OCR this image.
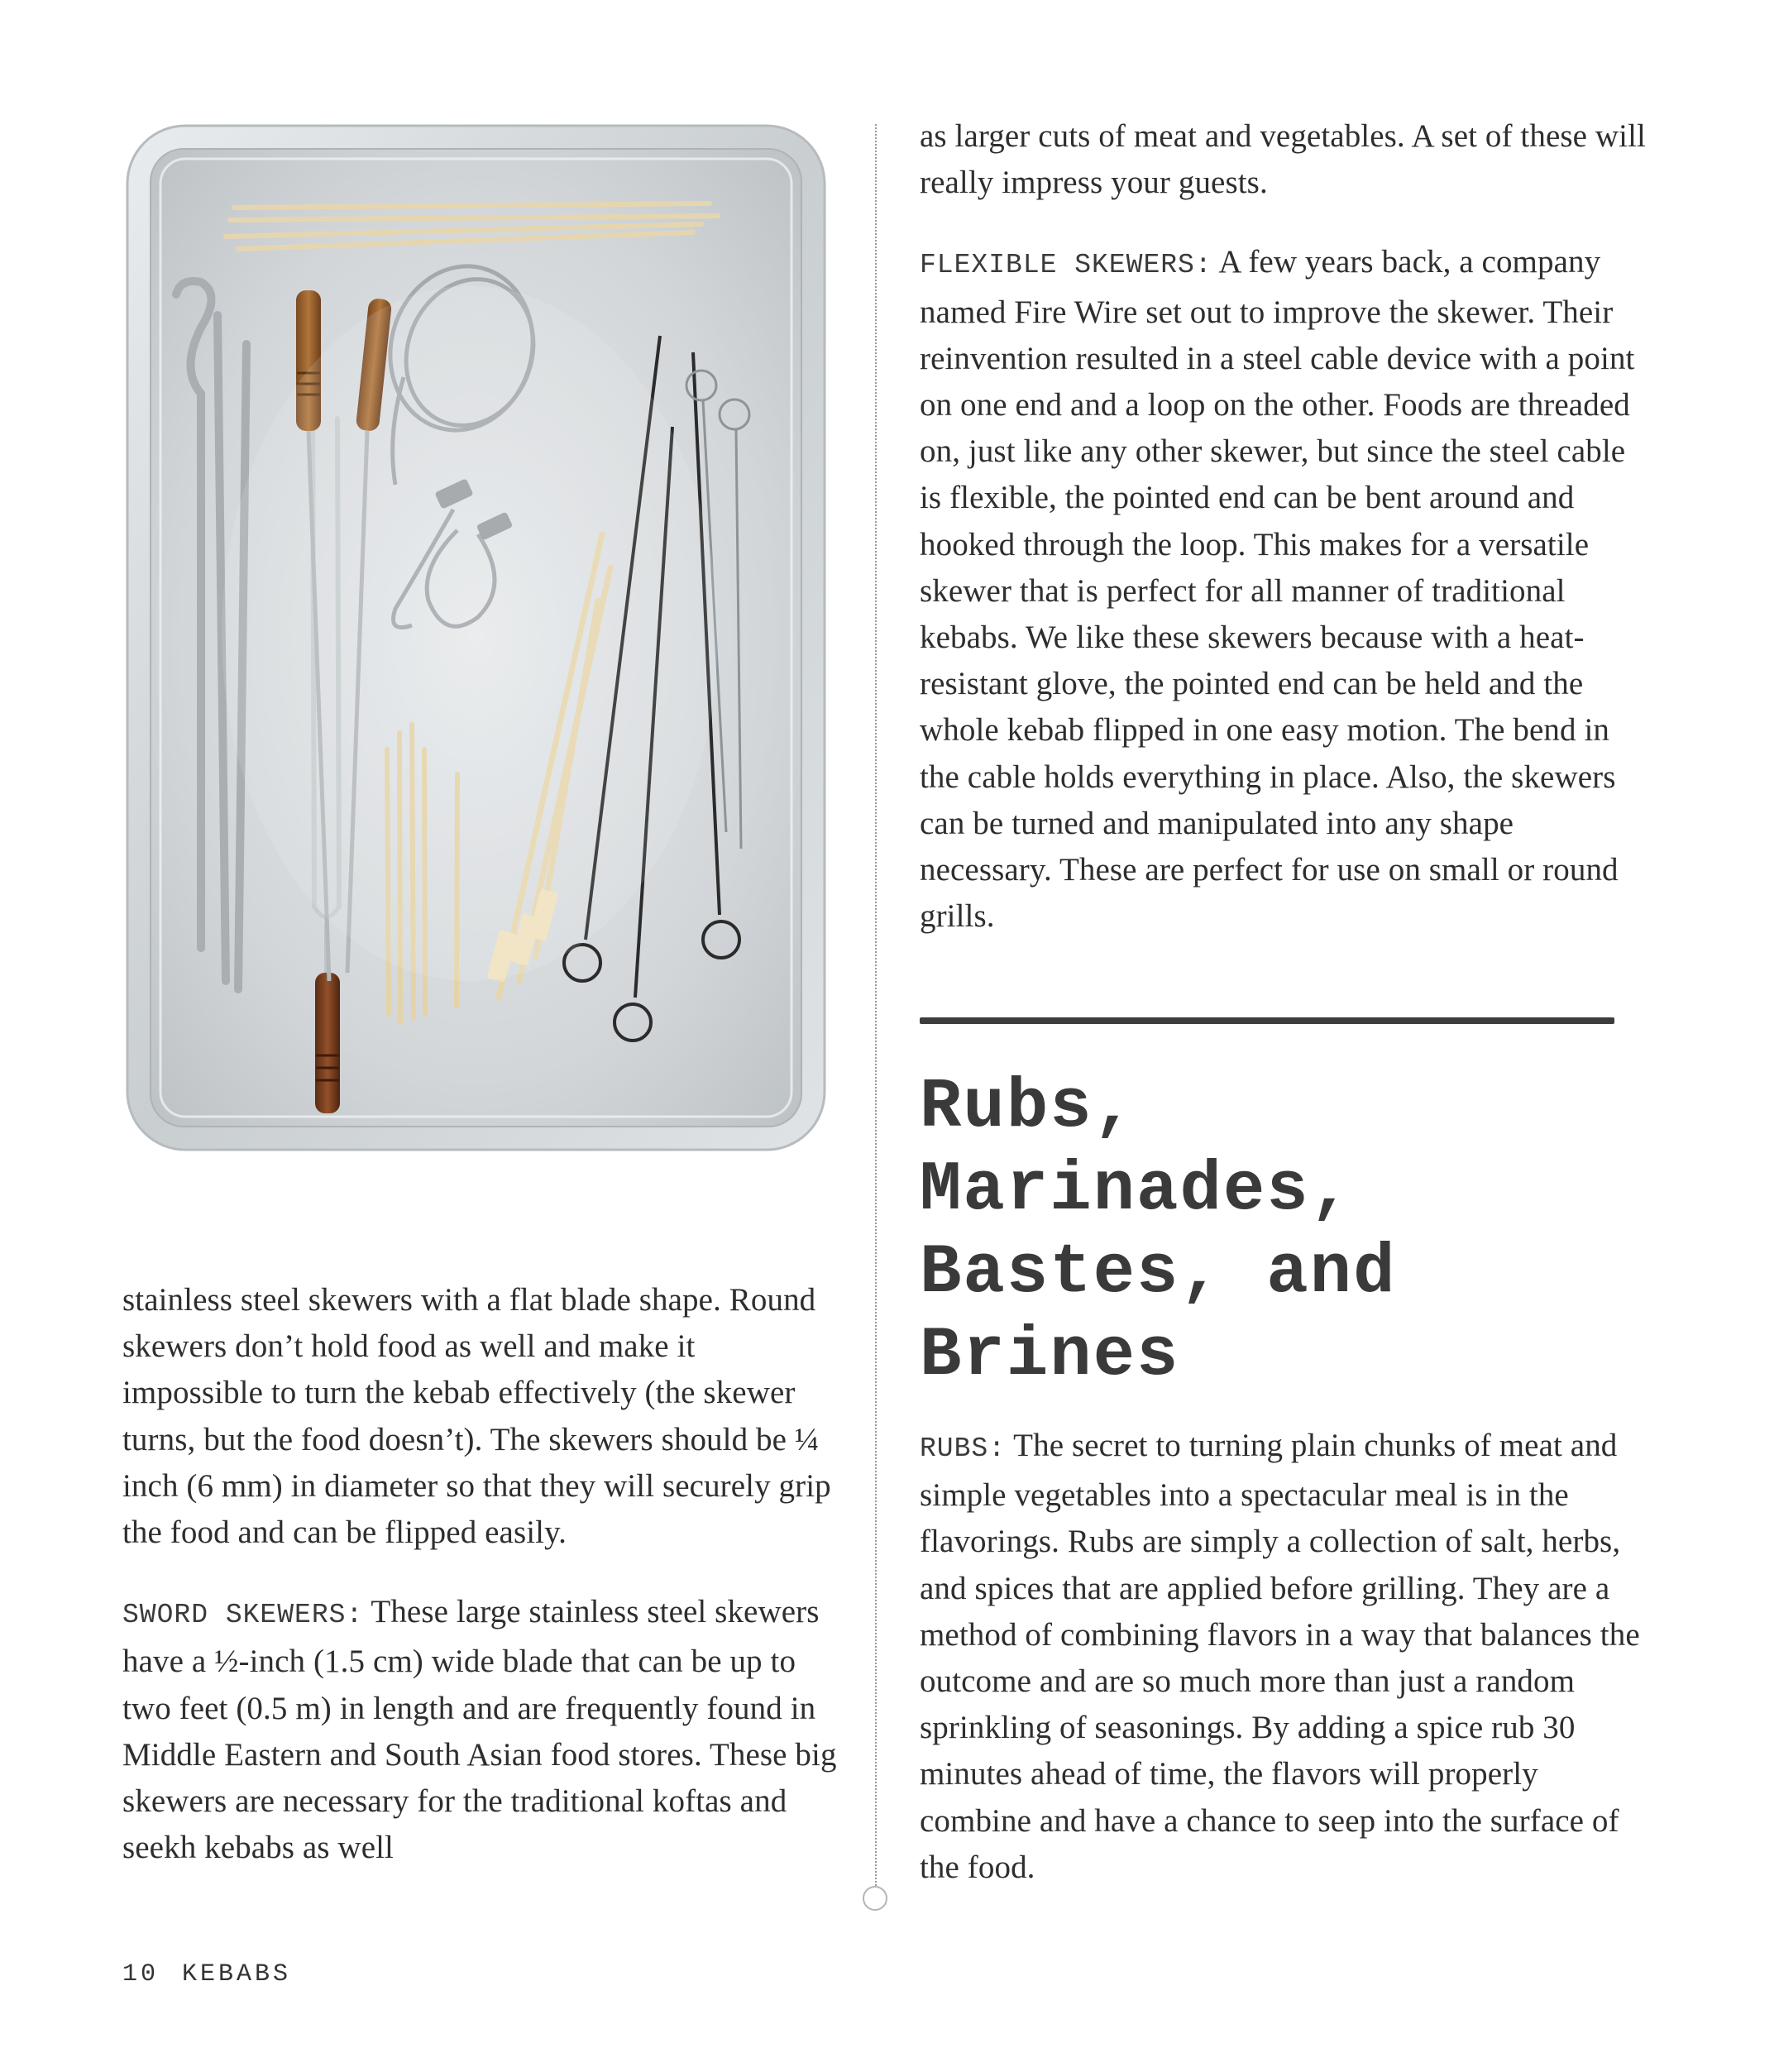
stainless steel skewers with a flat blade shape. Round skewers don’t hold food as well and make it impossible to turn the kebab effectively (the skewer turns, but the food doesn’t). The skewers should be ¼ inch (6 mm) in diameter so that they will securely grip the food and can be flipped easily.

SWORD SKEWERS: These large stainless steel skewers have a ½-inch (1.5 cm) wide blade that can be up to two feet (0.5 m) in length and are frequently found in Middle Eastern and South Asian food stores. These big skewers are necessary for the traditional koftas and seekh kebabs as well

as larger cuts of meat and vegetables. A set of these will really impress your guests.

FLEXIBLE SKEWERS: A few years back, a company named Fire Wire set out to improve the skewer. Their reinvention resulted in a steel cable device with a point on one end and a loop on the other. Foods are threaded on, just like any other skewer, but since the steel cable is flexible, the pointed end can be bent around and hooked through the loop. This makes for a versatile skewer that is perfect for all manner of traditional kebabs. We like these skewers because with a heat-resistant glove, the pointed end can be held and the whole kebab flipped in one easy motion. The bend in the cable holds everything in place. Also, the skewers can be turned and manipulated into any shape necessary. These are perfect for use on small or round grills.

Rubs,
Marinades,
Bastes, and
Brines

RUBS: The secret to turning plain chunks of meat and simple vegetables into a spectacular meal is in the flavorings. Rubs are simply a collection of salt, herbs, and spices that are applied before grilling. They are a method of combining flavors in a way that balances the outcome and are so much more than just a random sprinkling of seasonings. By adding a spice rub 30 minutes ahead of time, the flavors will properly combine and have a chance to seep into the surface of the food.

10 KEBABS
